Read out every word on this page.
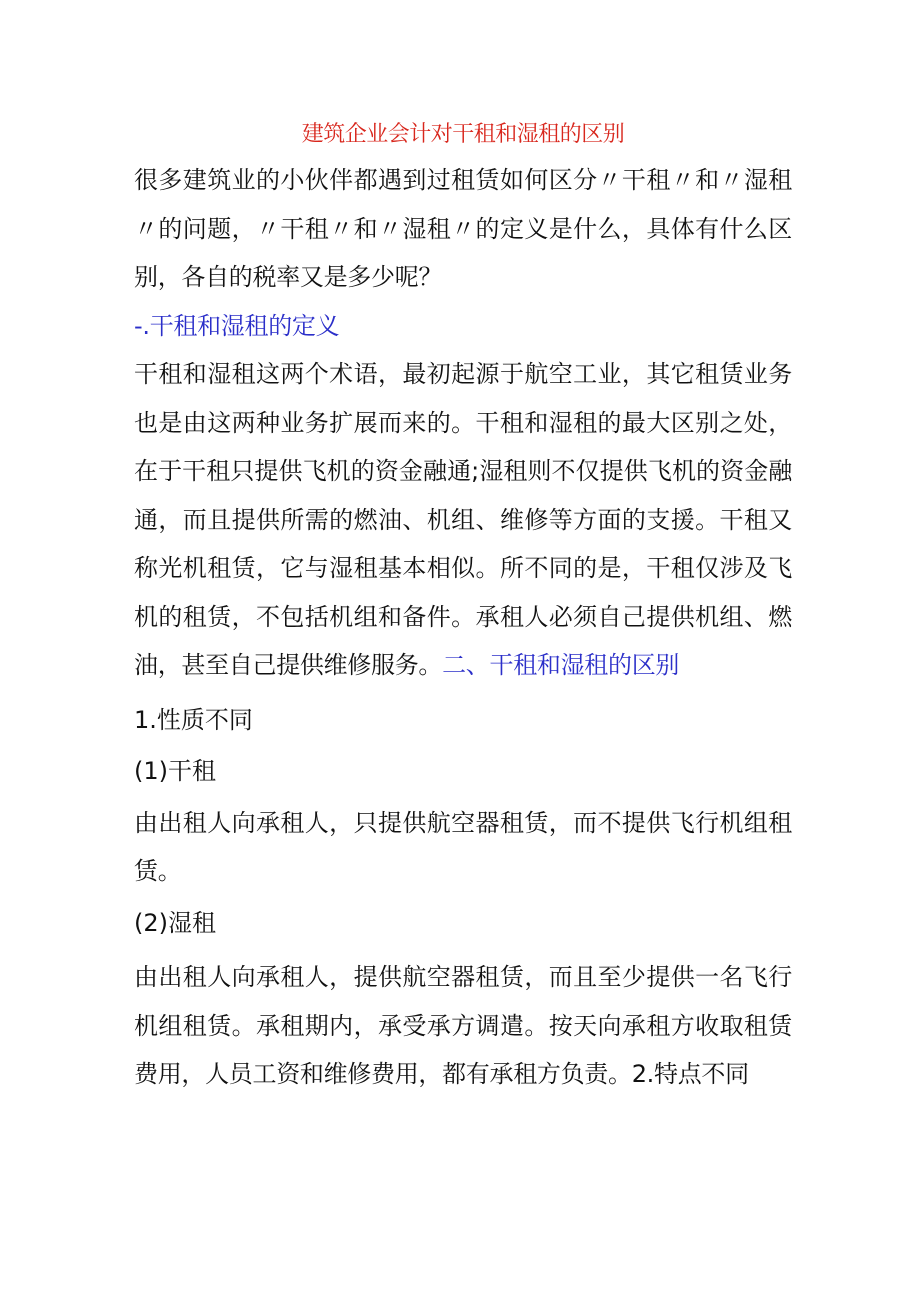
建筑企业会计对干租和湿租的区别

很多建筑业的小伙伴都遇到过租赁如何区分〃干租〃和〃湿租〃的问题，〃干租〃和〃湿租〃的定义是什么，具体有什么区别，各自的税率又是多少呢？

-.干租和湿租的定义

干租和湿租这两个术语，最初起源于航空工业，其它租赁业务也是由这两种业务扩展而来的。干租和湿租的最大区别之处，在于干租只提供飞机的资金融通;湿租则不仅提供飞机的资金融通，而且提供所需的燃油、机组、维修等方面的支援。干租又称光机租赁，它与湿租基本相似。所不同的是，干租仅涉及飞机的租赁，不包括机组和备件。承租人必须自己提供机组、燃油，甚至自己提供维修服务。二、干租和湿租的区别

1.性质不同

(1)干租

由出租人向承租人，只提供航空器租赁，而不提供飞行机组租赁。

(2)湿租

由出租人向承租人，提供航空器租赁，而且至少提供一名飞行机组租赁。承租期内，承受承方调遣。按天向承租方收取租赁费用，人员工资和维修费用，都有承租方负责。2.特点不同
